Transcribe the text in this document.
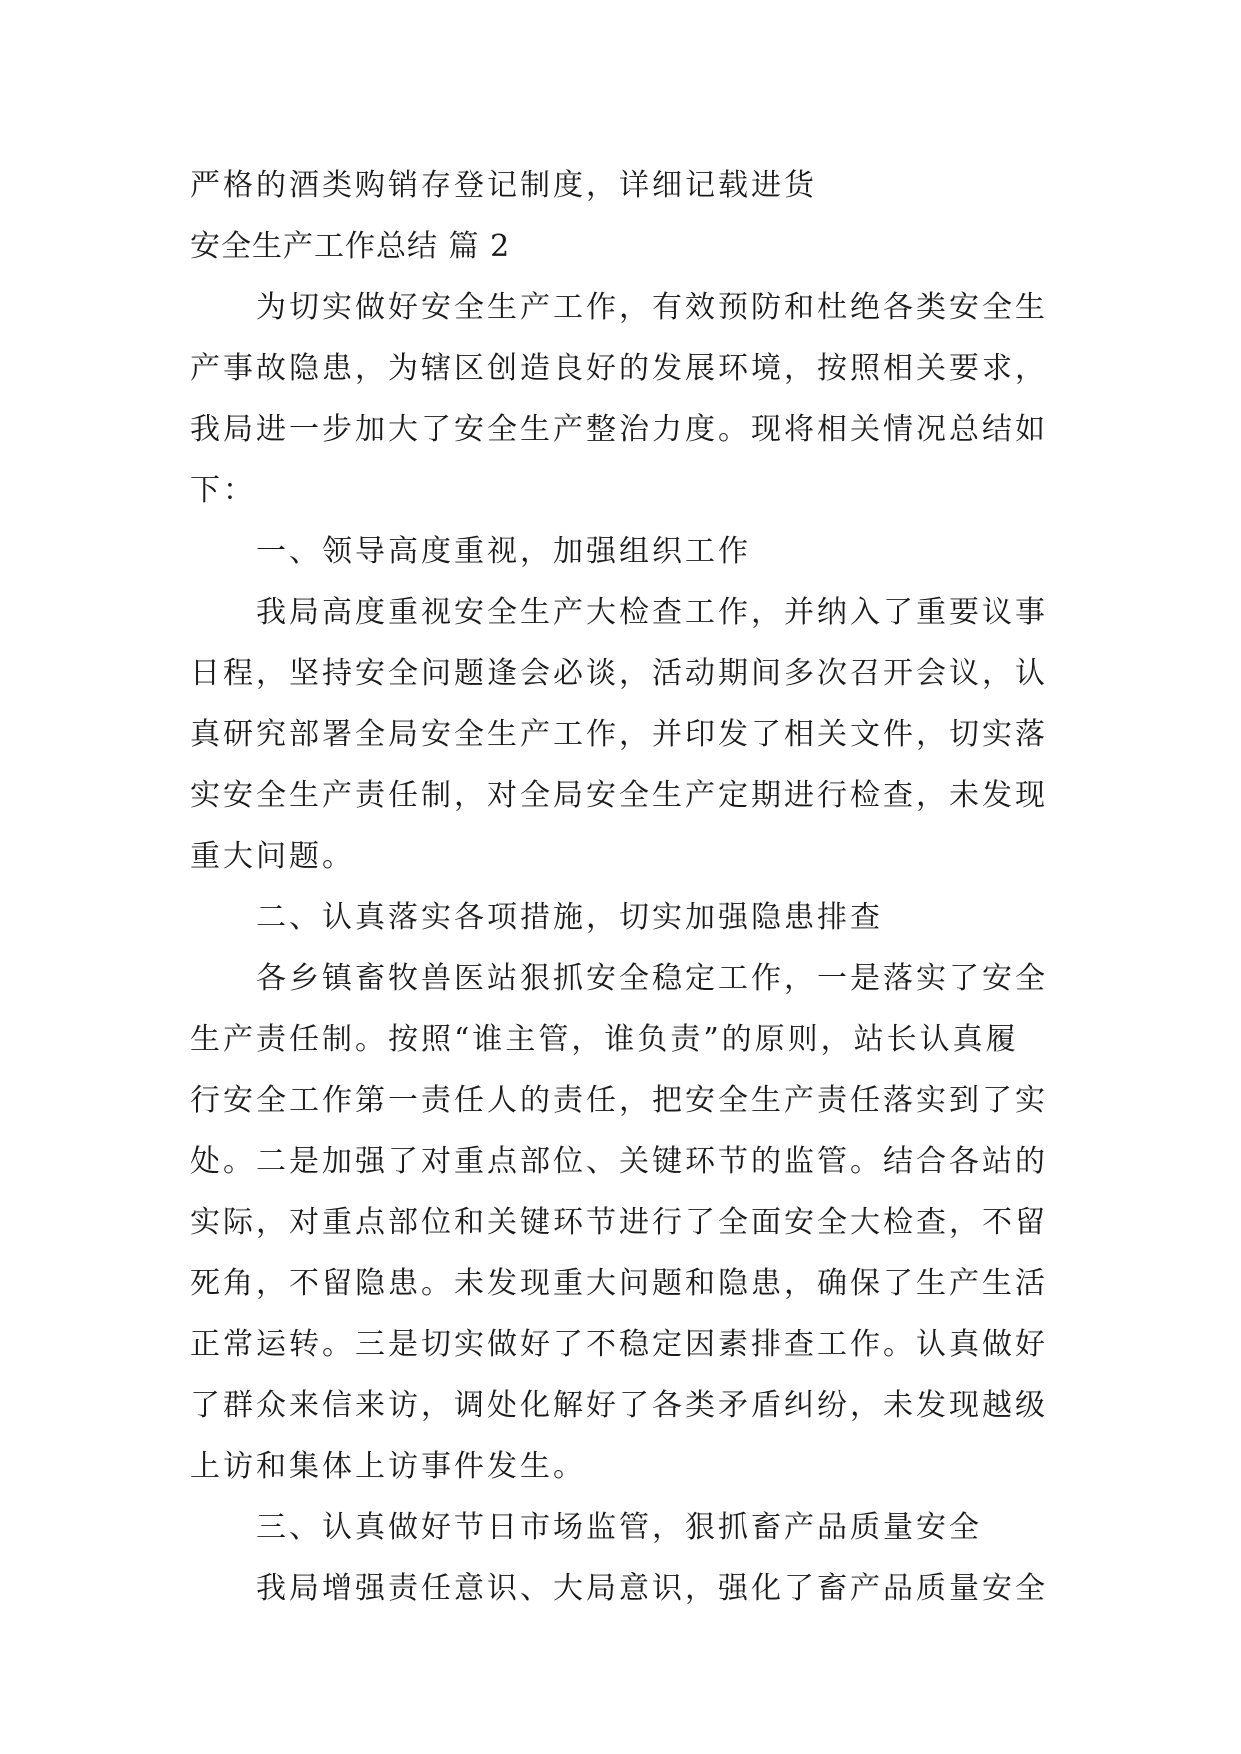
严格的酒类购销存登记制度，详细记载进货

安全生产工作总结 篇 2

为切实做好安全生产工作，有效预防和杜绝各类安全生

产事故隐患，为辖区创造良好的发展环境，按照相关要求，

我局进一步加大了安全生产整治力度。现将相关情况总结如

下：

一、领导高度重视，加强组织工作

我局高度重视安全生产大检查工作，并纳入了重要议事

日程，坚持安全问题逢会必谈，活动期间多次召开会议，认

真研究部署全局安全生产工作，并印发了相关文件，切实落

实安全生产责任制，对全局安全生产定期进行检查，未发现

重大问题。

二、认真落实各项措施，切实加强隐患排查

各乡镇畜牧兽医站狠抓安全稳定工作，一是落实了安全

生产责任制。按照“谁主管，谁负责”的原则，站长认真履

行安全工作第一责任人的责任，把安全生产责任落实到了实

处。二是加强了对重点部位、关键环节的监管。结合各站的

实际，对重点部位和关键环节进行了全面安全大检查，不留

死角，不留隐患。未发现重大问题和隐患，确保了生产生活

正常运转。三是切实做好了不稳定因素排查工作。认真做好

了群众来信来访，调处化解好了各类矛盾纠纷，未发现越级

上访和集体上访事件发生。

三、认真做好节日市场监管，狠抓畜产品质量安全

我局增强责任意识、大局意识，强化了畜产品质量安全
